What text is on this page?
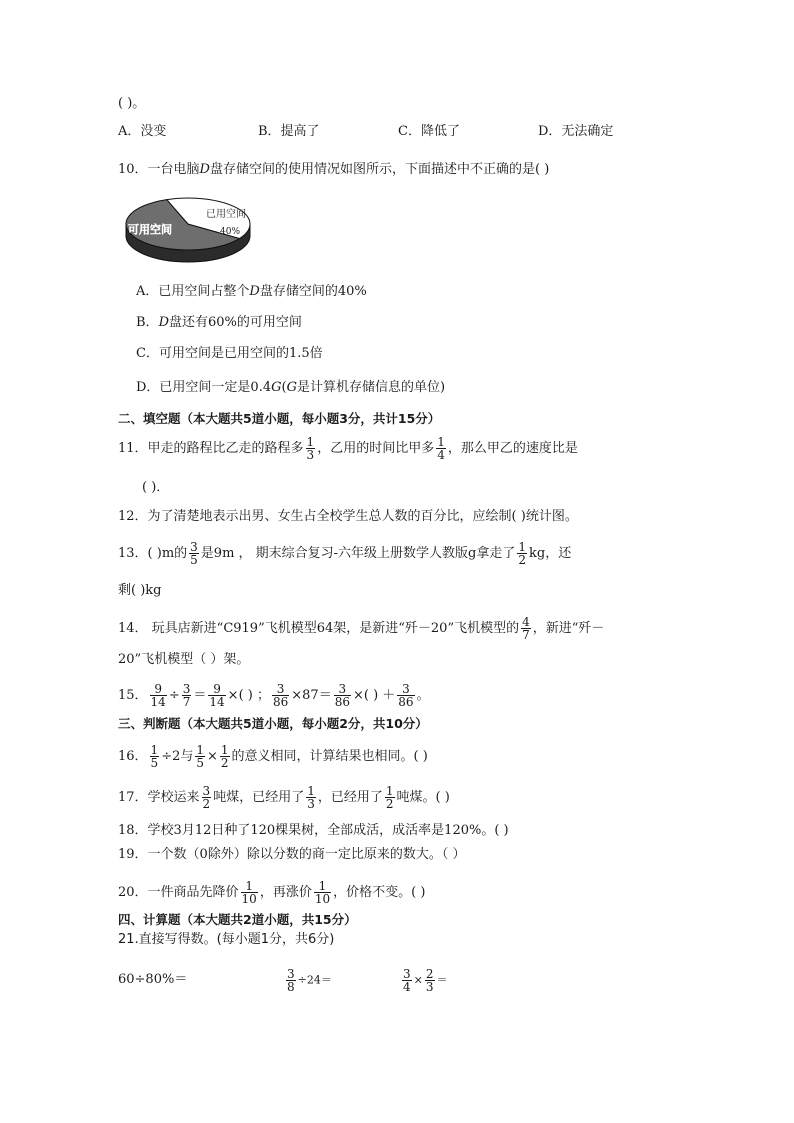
( )。
A．没变	B．提高了	C．降低了	D．无法确定
10．一台电脑D盘存储空间的使用情况如图所示，下面描述中不正确的是( )
已用空间
40%
可用空间
A．已用空间占整个D盘存储空间的40%
B．D盘还有60%的可用空间
C．可用空间是已用空间的1.5倍
D．已用空间一定是0.4G(G是计算机存储信息的单位)
二、填空题（本大题共5道小题，每小题3分，共计15分）
11．甲走的路程比乙走的路程多 $\frac{1}{3}$ ，乙用的时间比甲多 $\frac{1}{4}$ ，那么甲乙的速度比是
( )．
12．为了清楚地表示出男、女生占全校学生总人数的百分比，应绘制( )统计图。
13．( )m的 $\frac{3}{5}$ 是9m ， 期末综合复习-六年级上册数学人教版g拿走了 $\frac{1}{2}$ kg，还
剩( )kg
14． 玩具店新进“C919”飞机模型64架，是新进“歼－20”飞机模型的 $\frac{4}{7}$ ，新进“歼－
20”飞机模型（ ）架。
15． $\frac{9}{14} \div \frac{3}{7} = \frac{9}{14}$ ×( ) ； $\frac{3}{86} \times 87= \frac{3}{86}$ ×( ) ＋ $\frac{3}{86}$ 。
三、判断题（本大题共5道小题，每小题2分，共10分）
16． $\frac{1}{5} \div 2$与 $\frac{1}{5} \times \frac{1}{2}$ 的意义相同，计算结果也相同。( )
17．学校运来 $\frac{3}{2}$ 吨煤，已经用了 $\frac{1}{3}$ ，已经用了 $\frac{1}{2}$ 吨煤。( )
18．学校3月12日种了120棵果树，全部成活，成活率是120%。( )
19．一个数（0除外）除以分数的商一定比原来的数大。（ ）
20．一件商品先降价 $\frac{1}{10}$ ，再涨价 $\frac{1}{10}$ ，价格不变。( )
四、计算题（本大题共2道小题，共15分）
21.直接写得数。(每小题1分，共6分)
60÷80%＝	$\frac{3}{8} \div 24=$	$\frac{3}{4} \times \frac{2}{3}$ ＝
